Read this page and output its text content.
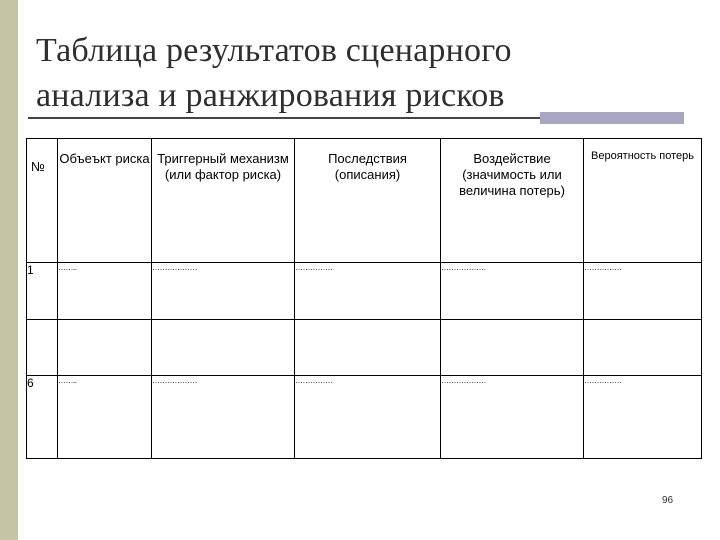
Таблица результатов сценарного
анализа и ранжирования рисков
№	Объеъкт риска	Триггерный механизм (или фактор риска)	Последствия (описания)	Воздействие (значимость или величина потерь)	Вероятность потерь
1	……..	………………	……………	………………	……………

6	……..	………………	……………	………………	……………
96
